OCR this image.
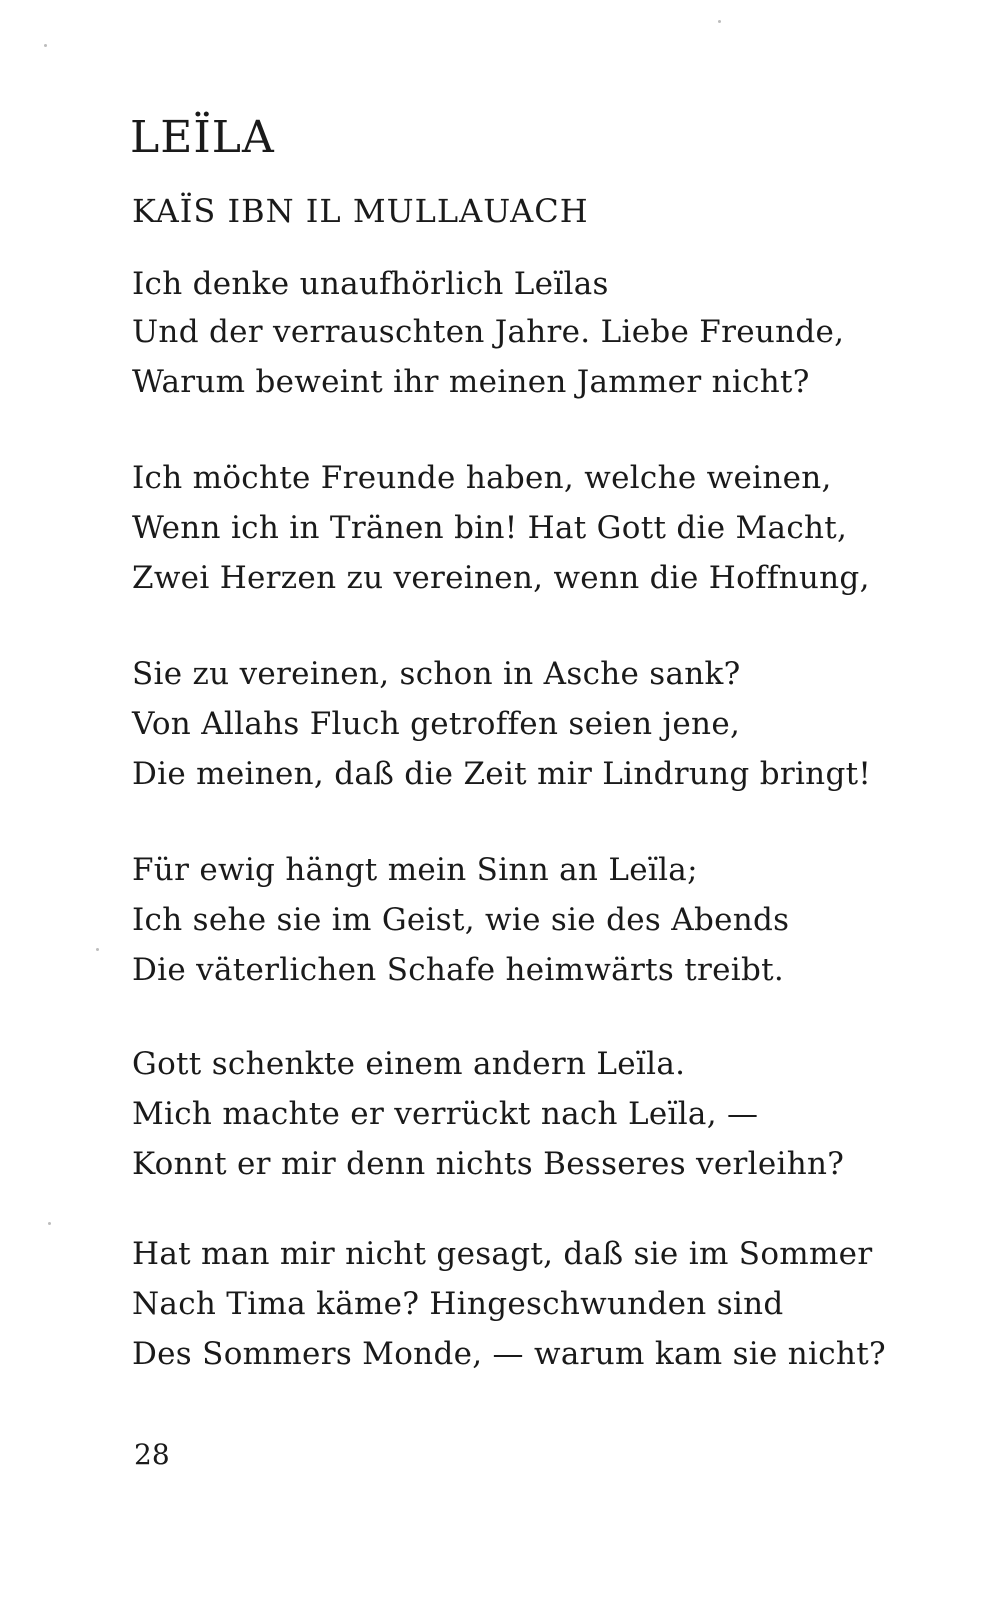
LEÏLA
KAÏS IBN IL MULLAUACH
Ich denke unaufhörlich Leïlas
Und der verrauschten Jahre. Liebe Freunde,
Warum beweint ihr meinen Jammer nicht?
Ich möchte Freunde haben, welche weinen,
Wenn ich in Tränen bin! Hat Gott die Macht,
Zwei Herzen zu vereinen, wenn die Hoffnung,
Sie zu vereinen, schon in Asche sank?
Von Allahs Fluch getroffen seien jene,
Die meinen, daß die Zeit mir Lindrung bringt!
Für ewig hängt mein Sinn an Leïla;
Ich sehe sie im Geist, wie sie des Abends
Die väterlichen Schafe heimwärts treibt.
Gott schenkte einem andern Leïla.
Mich machte er verrückt nach Leïla, —
Konnt er mir denn nichts Besseres verleihn?
Hat man mir nicht gesagt, daß sie im Sommer
Nach Tima käme? Hingeschwunden sind
Des Sommers Monde, — warum kam sie nicht?
28
